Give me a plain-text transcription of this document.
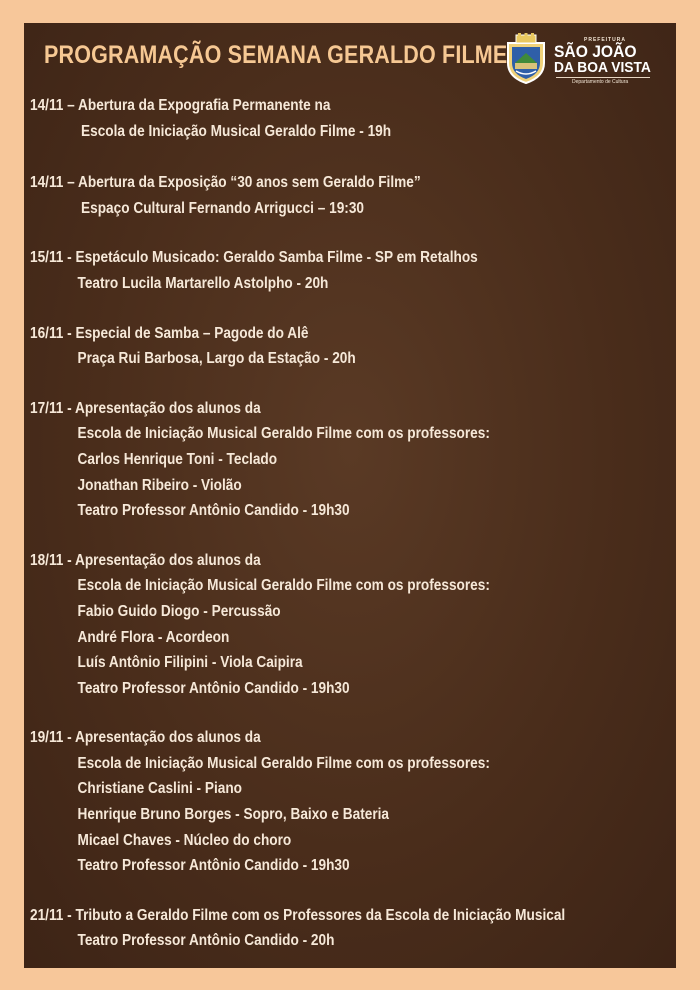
PROGRAMAÇÃO SEMANA GERALDO FILME
PREFEITURA
SÃO JOÃO
DA BOA VISTA
Departamento de Cultura
14/11 – Abertura da Expografia Permanente na
Escola de Iniciação Musical Geraldo Filme - 19h
14/11 – Abertura da Exposição “30 anos sem Geraldo Filme”
Espaço Cultural Fernando Arrigucci – 19:30
15/11 - Espetáculo Musicado: Geraldo Samba Filme - SP em Retalhos
Teatro Lucila Martarello Astolpho - 20h
16/11 - Especial de Samba – Pagode do Alê
Praça Rui Barbosa, Largo da Estação - 20h
17/11 - Apresentação dos alunos da
Escola de Iniciação Musical Geraldo Filme com os professores:
Carlos Henrique Toni - Teclado
Jonathan Ribeiro - Violão
Teatro Professor Antônio Candido - 19h30
18/11 - Apresentação dos alunos da
Escola de Iniciação Musical Geraldo Filme com os professores:
Fabio Guido Diogo - Percussão
André Flora - Acordeon
Luís Antônio Filipini - Viola Caipira
Teatro Professor Antônio Candido - 19h30
19/11 - Apresentação dos alunos da
Escola de Iniciação Musical Geraldo Filme com os professores:
Christiane Caslini - Piano
Henrique Bruno Borges - Sopro, Baixo e Bateria
Micael Chaves - Núcleo do choro
Teatro Professor Antônio Candido - 19h30
21/11 - Tributo a Geraldo Filme com os Professores da Escola de Iniciação Musical
Teatro Professor Antônio Candido - 20h
